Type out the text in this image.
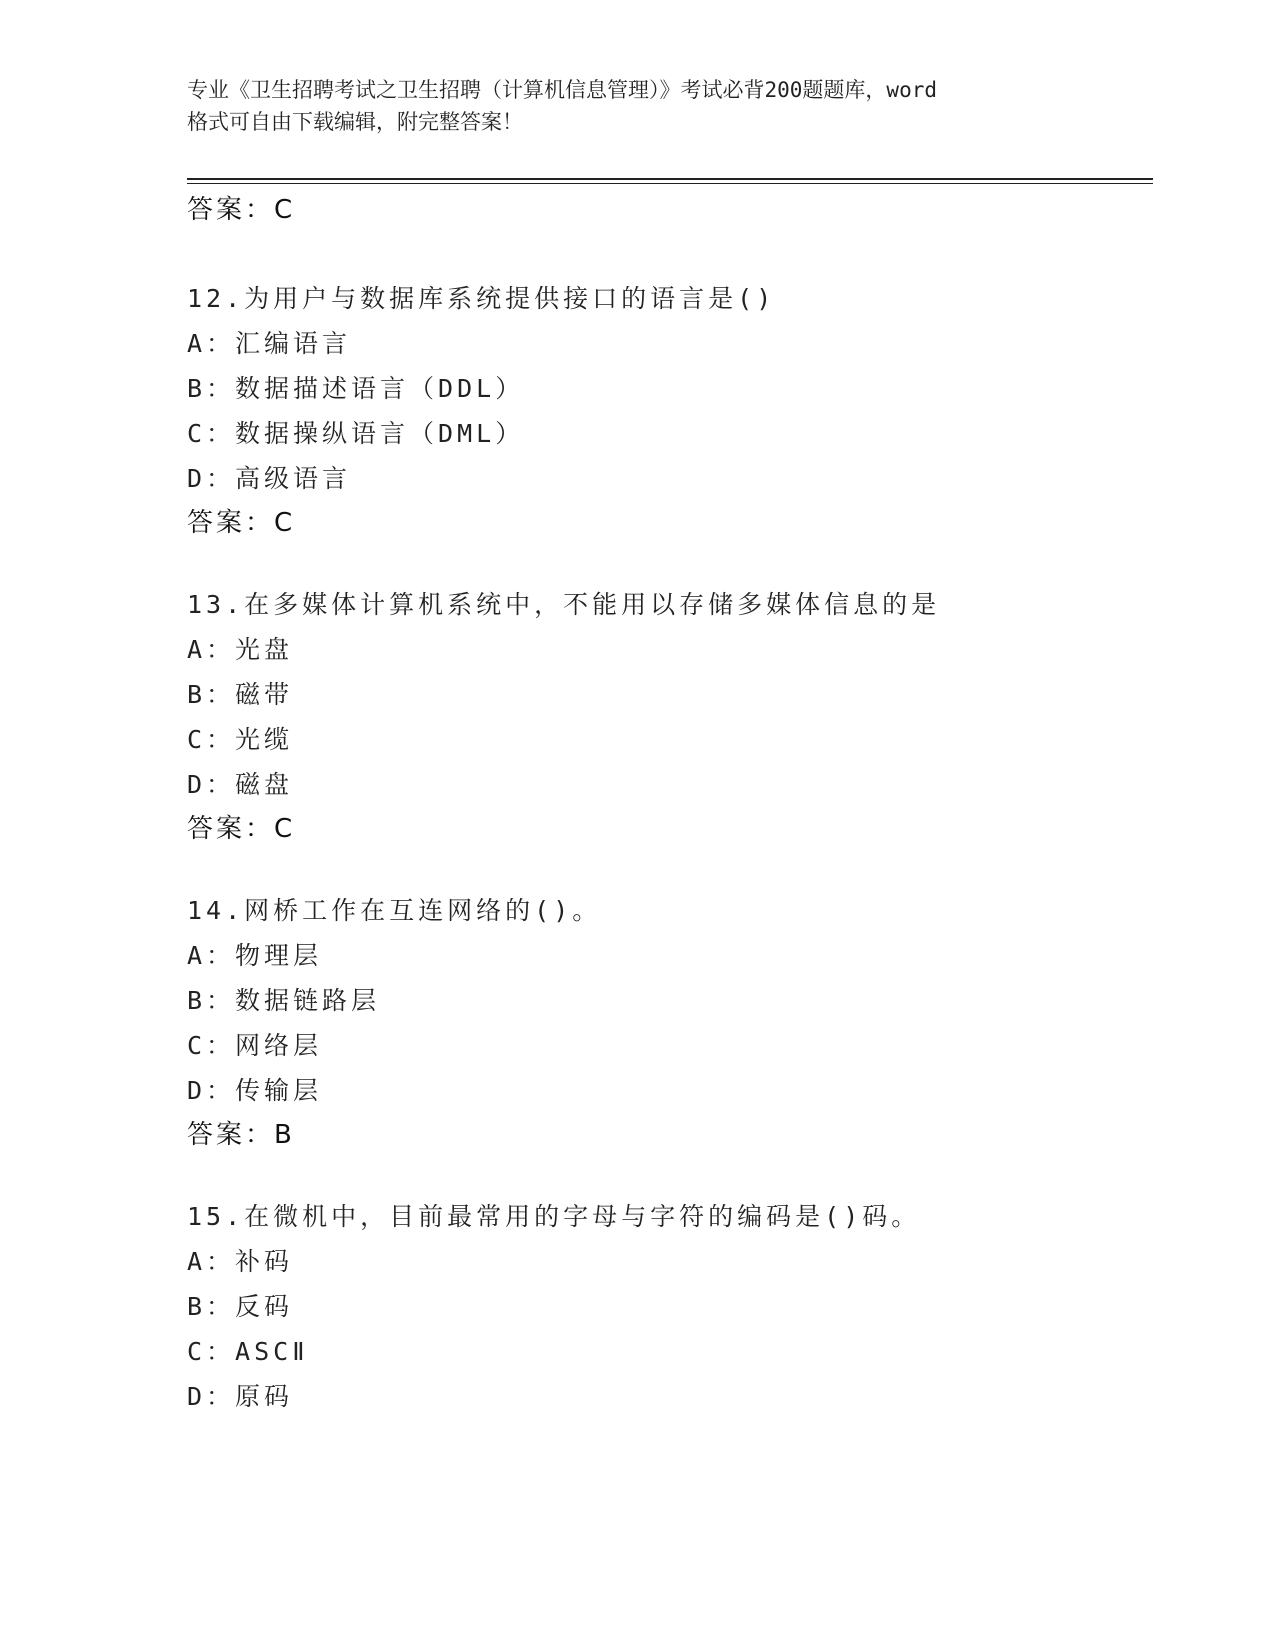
专业《卫生招聘考试之卫生招聘（计算机信息管理）》考试必背200题题库，word
格式可自由下载编辑，附完整答案！
答案：C
12.为用户与数据库系统提供接口的语言是()
A：汇编语言
B：数据描述语言（DDL）
C：数据操纵语言（DML）
D：高级语言
答案：C
13.在多媒体计算机系统中，不能用以存储多媒体信息的是
A：光盘
B：磁带
C：光缆
D：磁盘
答案：C
14.网桥工作在互连网络的()。
A：物理层
B：数据链路层
C：网络层
D：传输层
答案：B
15.在微机中，目前最常用的字母与字符的编码是()码。
A：补码
B：反码
C：ASCⅡ
D：原码
